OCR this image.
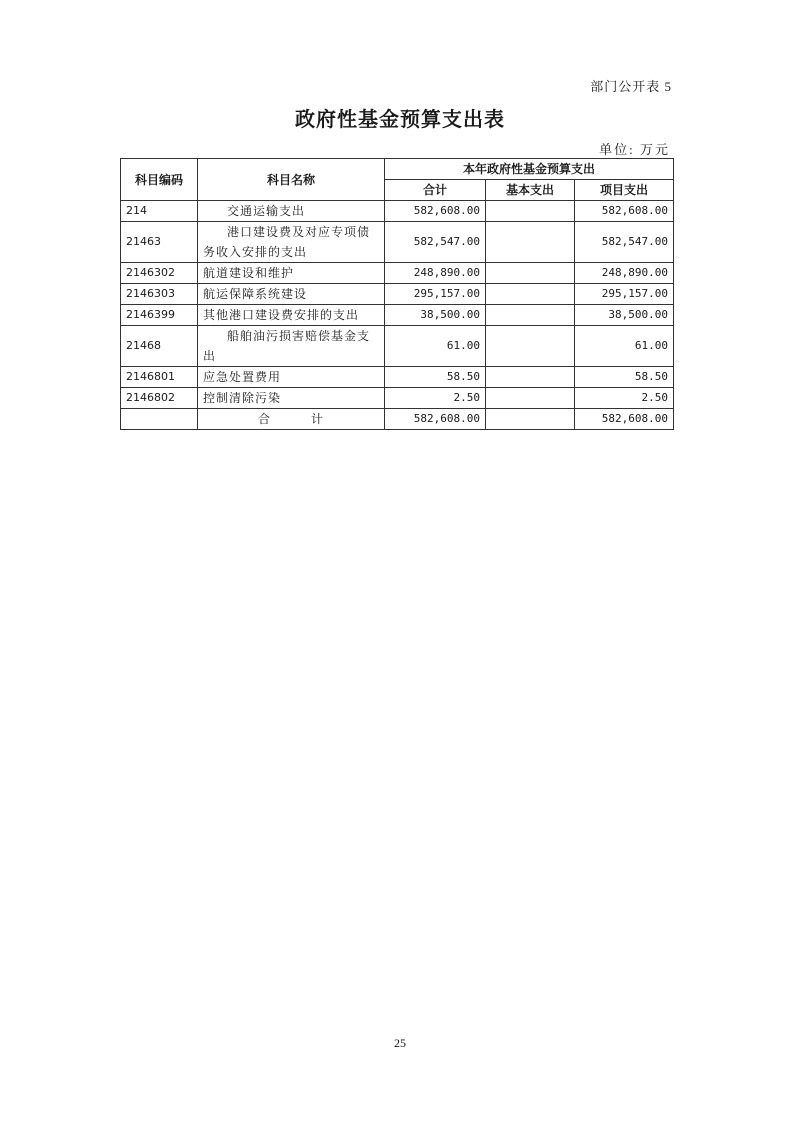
部门公开表 5
政府性基金预算支出表
单位: 万元
科目编码	科目名称	本年政府性基金预算支出		
		合计	基本支出	项目支出
214	交通运输支出	582,608.00		582,608.00
21463	港口建设费及对应专项债务收入安排的支出	582,547.00		582,547.00
2146302	航道建设和维护	248,890.00		248,890.00
2146303	航运保障系统建设	295,157.00		295,157.00
2146399	其他港口建设费安排的支出	38,500.00		38,500.00
21468	船舶油污损害赔偿基金支出	61.00		61.00
2146801	应急处置费用	58.50		58.50
2146802	控制清除污染	2.50		2.50
	合 计	582,608.00		582,608.00
25
